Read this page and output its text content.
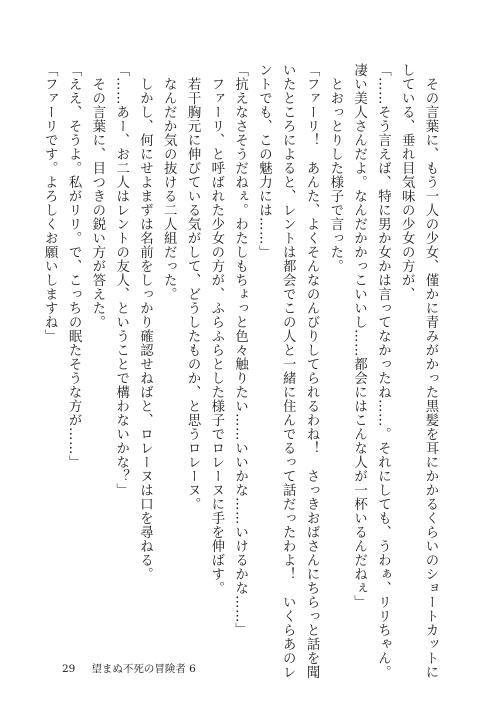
　その言葉に、もう一人の少女、僅かに青みがかった黒髪を耳にかかるくらいのショートカットに
している、垂れ目気味の少女の方が、
「……そう言えば、特に男か女かは言ってなかったね……。それにしても、うわぁ、リリちゃん。
凄い美人さんだよ。なんだかかっこいいし……都会にはこんな人が一杯いるんだねぇ」
　とおっとりした様子で言った。
「ファーリ！　あんた、よくそんなのんびりしてられるわね！　さっきおばさんにちらっと話を聞
いたところによると、レントは都会でこの人と一緒に住んでるって話だったわよ！　いくらあのレ
ントでも、この魅力には……」
「抗えなさそうだねぇ。わたしもちょっと色々触りたい……いいかな……いけるかな……」
　ファーリ、と呼ばれた少女の方が、ふらふらとした様子でロレーヌに手を伸ばす。
　若干胸元に伸びている気がして、どうしたものか、と思うロレーヌ。
　なんだか気の抜ける二人組だった。
　しかし、何にせよまずは名前をしっかり確認せねばと、ロレーヌは口を尋ねる。
「……あー、お二人はレントの友人、ということで構わないかな？」
　その言葉に、目つきの鋭い方が答えた。
「ええ、そうよ。私がリリ。で、こっちの眠たそうな方が……」
「ファーリです。よろしくお願いしますね」
29 望まぬ不死の冒険者 6
